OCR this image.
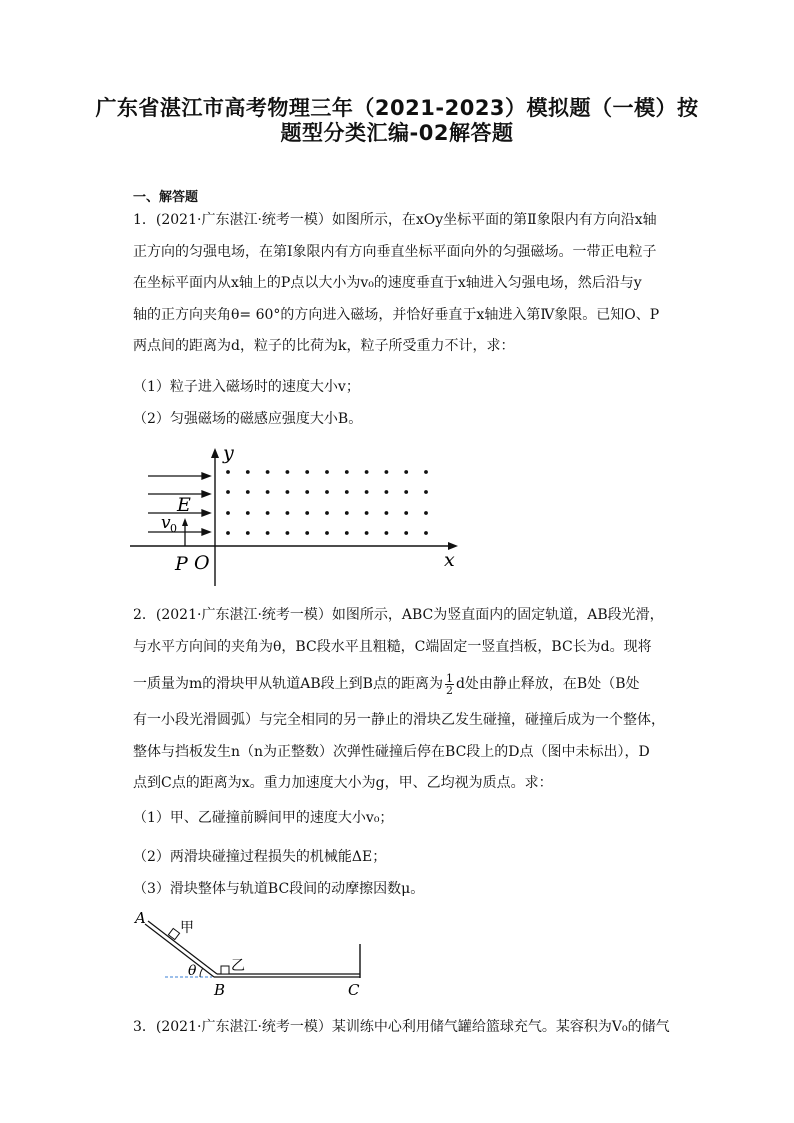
广东省湛江市高考物理三年（2021-2023）模拟题（一模）按
题型分类汇编-02解答题
一、解答题
1．(2021·广东湛江·统考一模）如图所示，在xOy坐标平面的第Ⅱ象限内有方向沿x轴
正方向的匀强电场，在第Ⅰ象限内有方向垂直坐标平面向外的匀强磁场。一带正电粒子
在坐标平面内从x轴上的P点以大小为v₀的速度垂直于x轴进入匀强电场，然后沿与y
轴的正方向夹角θ= 60°的方向进入磁场，并恰好垂直于x轴进入第Ⅳ象限。已知O、P
两点间的距离为d，粒子的比荷为k，粒子所受重力不计，求：
（1）粒子进入磁场时的速度大小v；
（2）匀强磁场的磁感应强度大小B。
y
x
E
v 0
P O
2．(2021·广东湛江·统考一模）如图所示，ABC为竖直面内的固定轨道，AB段光滑，
与水平方向间的夹角为θ，BC段水平且粗糙，C端固定一竖直挡板，BC长为d。现将
一质量为m的滑块甲从轨道AB段上到B点的距离为 $\frac{1}{2}$ d处由静止释放，在B处（B处
有一小段光滑圆弧）与完全相同的另一静止的滑块乙发生碰撞，碰撞后成为一个整体，
整体与挡板发生n（n为正整数）次弹性碰撞后停在BC段上的D点（图中未标出），D
点到C点的距离为x。重力加速度大小为g，甲、乙均视为质点。求：
（1）甲、乙碰撞前瞬间甲的速度大小v₀；
（2）两滑块碰撞过程损失的机械能ΔE；
（3）滑块整体与轨道BC段间的动摩擦因数μ。
A
甲
乙
θ
B	C
3．(2021·广东湛江·统考一模）某训练中心利用储气罐给篮球充气。某容积为V₀的储气
